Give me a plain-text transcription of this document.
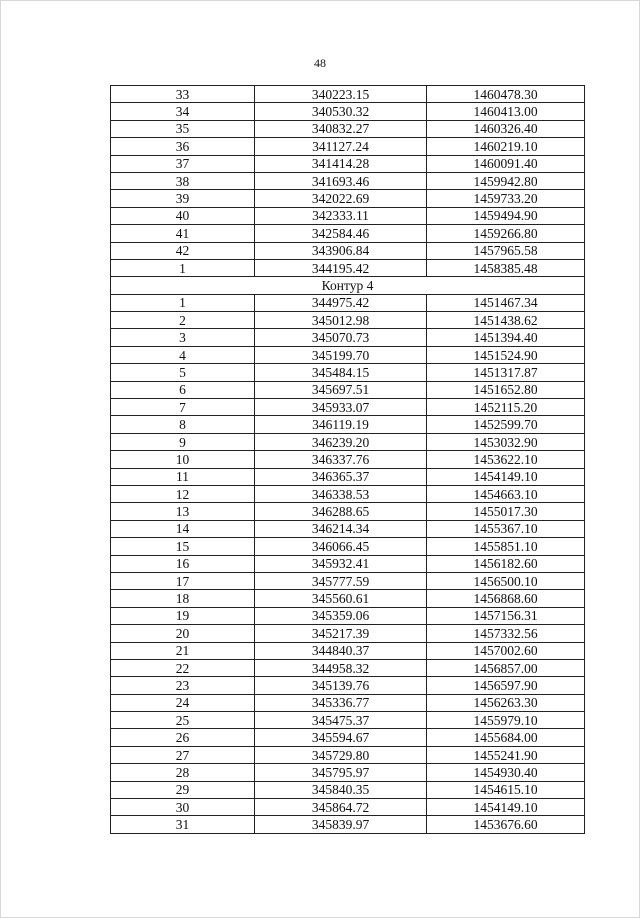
48
33	340223.15	1460478.30
34	340530.32	1460413.00
35	340832.27	1460326.40
36	341127.24	1460219.10
37	341414.28	1460091.40
38	341693.46	1459942.80
39	342022.69	1459733.20
40	342333.11	1459494.90
41	342584.46	1459266.80
42	343906.84	1457965.58
1	344195.42	1458385.48
Контур 4		
1	344975.42	1451467.34
2	345012.98	1451438.62
3	345070.73	1451394.40
4	345199.70	1451524.90
5	345484.15	1451317.87
6	345697.51	1451652.80
7	345933.07	1452115.20
8	346119.19	1452599.70
9	346239.20	1453032.90
10	346337.76	1453622.10
11	346365.37	1454149.10
12	346338.53	1454663.10
13	346288.65	1455017.30
14	346214.34	1455367.10
15	346066.45	1455851.10
16	345932.41	1456182.60
17	345777.59	1456500.10
18	345560.61	1456868.60
19	345359.06	1457156.31
20	345217.39	1457332.56
21	344840.37	1457002.60
22	344958.32	1456857.00
23	345139.76	1456597.90
24	345336.77	1456263.30
25	345475.37	1455979.10
26	345594.67	1455684.00
27	345729.80	1455241.90
28	345795.97	1454930.40
29	345840.35	1454615.10
30	345864.72	1454149.10
31	345839.97	1453676.60
